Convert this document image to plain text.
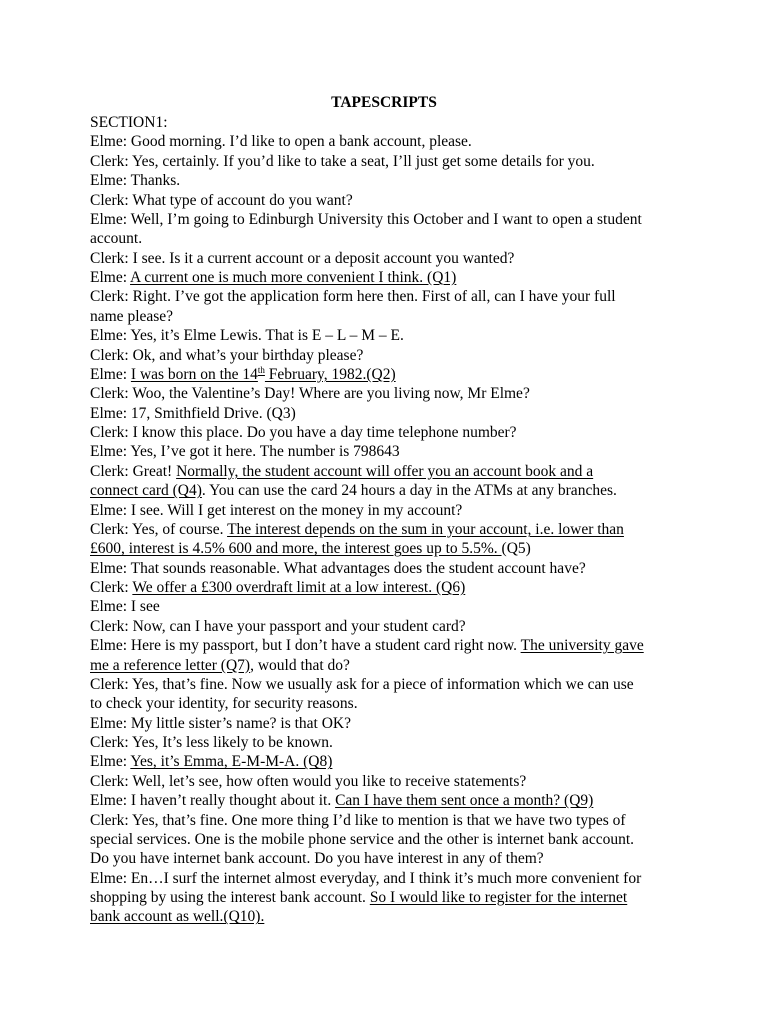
TAPESCRIPTS
SECTION1:
Elme: Good morning. I’d like to open a bank account, please.
Clerk: Yes, certainly. If you’d like to take a seat, I’ll just get some details for you.
Elme: Thanks.
Clerk: What type of account do you want?
Elme: Well, I’m going to Edinburgh University this October and I want to open a student
account.
Clerk: I see. Is it a current account or a deposit account you wanted?
Elme: A current one is much more convenient I think. (Q1)
Clerk: Right. I’ve got the application form here then. First of all, can I have your full
name please?
Elme: Yes, it’s Elme Lewis. That is E – L – M – E.
Clerk: Ok, and what’s your birthday please?
Elme: I was born on the 14th February, 1982.(Q2)
Clerk: Woo, the Valentine’s Day! Where are you living now, Mr Elme?
Elme: 17, Smithfield Drive. (Q3)
Clerk: I know this place. Do you have a day time telephone number?
Elme: Yes, I’ve got it here. The number is 798643
Clerk: Great! Normally, the student account will offer you an account book and a
connect card (Q4). You can use the card 24 hours a day in the ATMs at any branches.
Elme: I see. Will I get interest on the money in my account?
Clerk: Yes, of course. The interest depends on the sum in your account, i.e. lower than
£600, interest is 4.5% 600 and more, the interest goes up to 5.5%. (Q5)
Elme: That sounds reasonable. What advantages does the student account have?
Clerk: We offer a £300 overdraft limit at a low interest. (Q6)
Elme: I see
Clerk: Now, can I have your passport and your student card?
Elme: Here is my passport, but I don’t have a student card right now. The university gave
me a reference letter (Q7), would that do?
Clerk: Yes, that’s fine. Now we usually ask for a piece of information which we can use
to check your identity, for security reasons.
Elme: My little sister’s name? is that OK?
Clerk: Yes, It’s less likely to be known.
Elme: Yes, it’s Emma, E-M-M-A. (Q8)
Clerk: Well, let’s see, how often would you like to receive statements?
Elme: I haven’t really thought about it. Can I have them sent once a month? (Q9)
Clerk: Yes, that’s fine. One more thing I’d like to mention is that we have two types of
special services. One is the mobile phone service and the other is internet bank account.
Do you have internet bank account. Do you have interest in any of them?
Elme: En…I surf the internet almost everyday, and I think it’s much more convenient for
shopping by using the interest bank account. So I would like to register for the internet
bank account as well.(Q10).
